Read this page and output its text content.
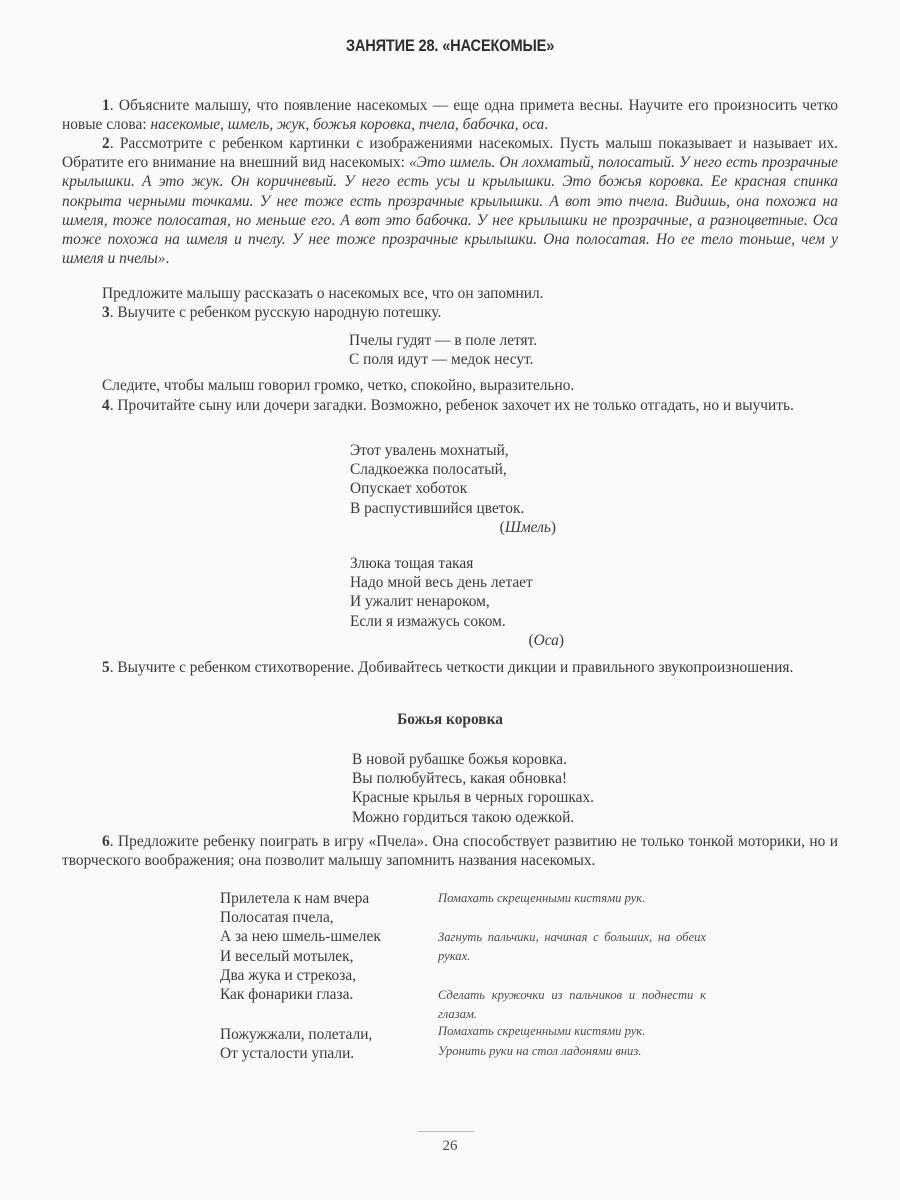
ЗАНЯТИЕ 28. «НАСЕКОМЫЕ»

1. Объясните малышу, что появление насекомых — еще одна примета весны. Научите его произносить четко новые слова: насекомые, шмель, жук, божья коровка, пчела, бабочка, оса.

2. Рассмотрите с ребенком картинки с изображениями насекомых. Пусть малыш показывает и называет их. Обратите его внимание на внешний вид насекомых: «Это шмель. Он лохматый, полосатый. У него есть прозрачные крылышки. А это жук. Он коричневый. У него есть усы и крылышки. Это божья коровка. Ее красная спинка покрыта черными точками. У нее тоже есть прозрачные крылышки. А вот это пчела. Видишь, она похожа на шмеля, тоже полосатая, но меньше его. А вот это бабочка. У нее крылышки не прозрачные, а разноцветные. Оса тоже похожа на шмеля и пчелу. У нее тоже прозрачные крылышки. Она полосатая. Но ее тело тоньше, чем у шмеля и пчелы».

Предложите малышу рассказать о насекомых все, что он запомнил.

3. Выучите с ребенком русскую народную потешку.

Пчелы гудят — в поле летят.
С поля идут — медок несут.

Следите, чтобы малыш говорил громко, четко, спокойно, выразительно.

4. Прочитайте сыну или дочери загадки. Возможно, ребенок захочет их не только отгадать, но и выучить.

Этот увалень мохнатый,
Сладкоежка полосатый,
Опускает хоботок
В распустившийся цветок.
(Шмель)
Злюка тощая такая
Надо мной весь день летает
И ужалит ненароком,
Если я измажусь соком.
(Оса)

5. Выучите с ребенком стихотворение. Добивайтесь четкости дикции и правильного звукопроизношения.

Божья коровка
В новой рубашке божья коровка.
Вы полюбуйтесь, какая обновка!
Красные крылья в черных горошках.
Можно гордиться такою одежкой.

6. Предложите ребенку поиграть в игру «Пчела». Она способствует развитию не только тонкой моторики, но и творческого воображения; она позволит малышу запомнить названия насекомых.

Прилетела к нам вчера
Полосатая пчела,
А за нею шмель-шмелек
И веселый мотылек,
Два жука и стрекоза,
Как фонарики глаза.
Пожужжали, полетали,
От усталости упали.
Помахать скрещенными кистями рук.
Загнуть пальчики, начиная с больших, на обеих руках.
Сделать кружочки из пальчиков и поднести к глазам.
Помахать скрещенными кистями рук.
Уронить руки на стол ладонями вниз.
26
